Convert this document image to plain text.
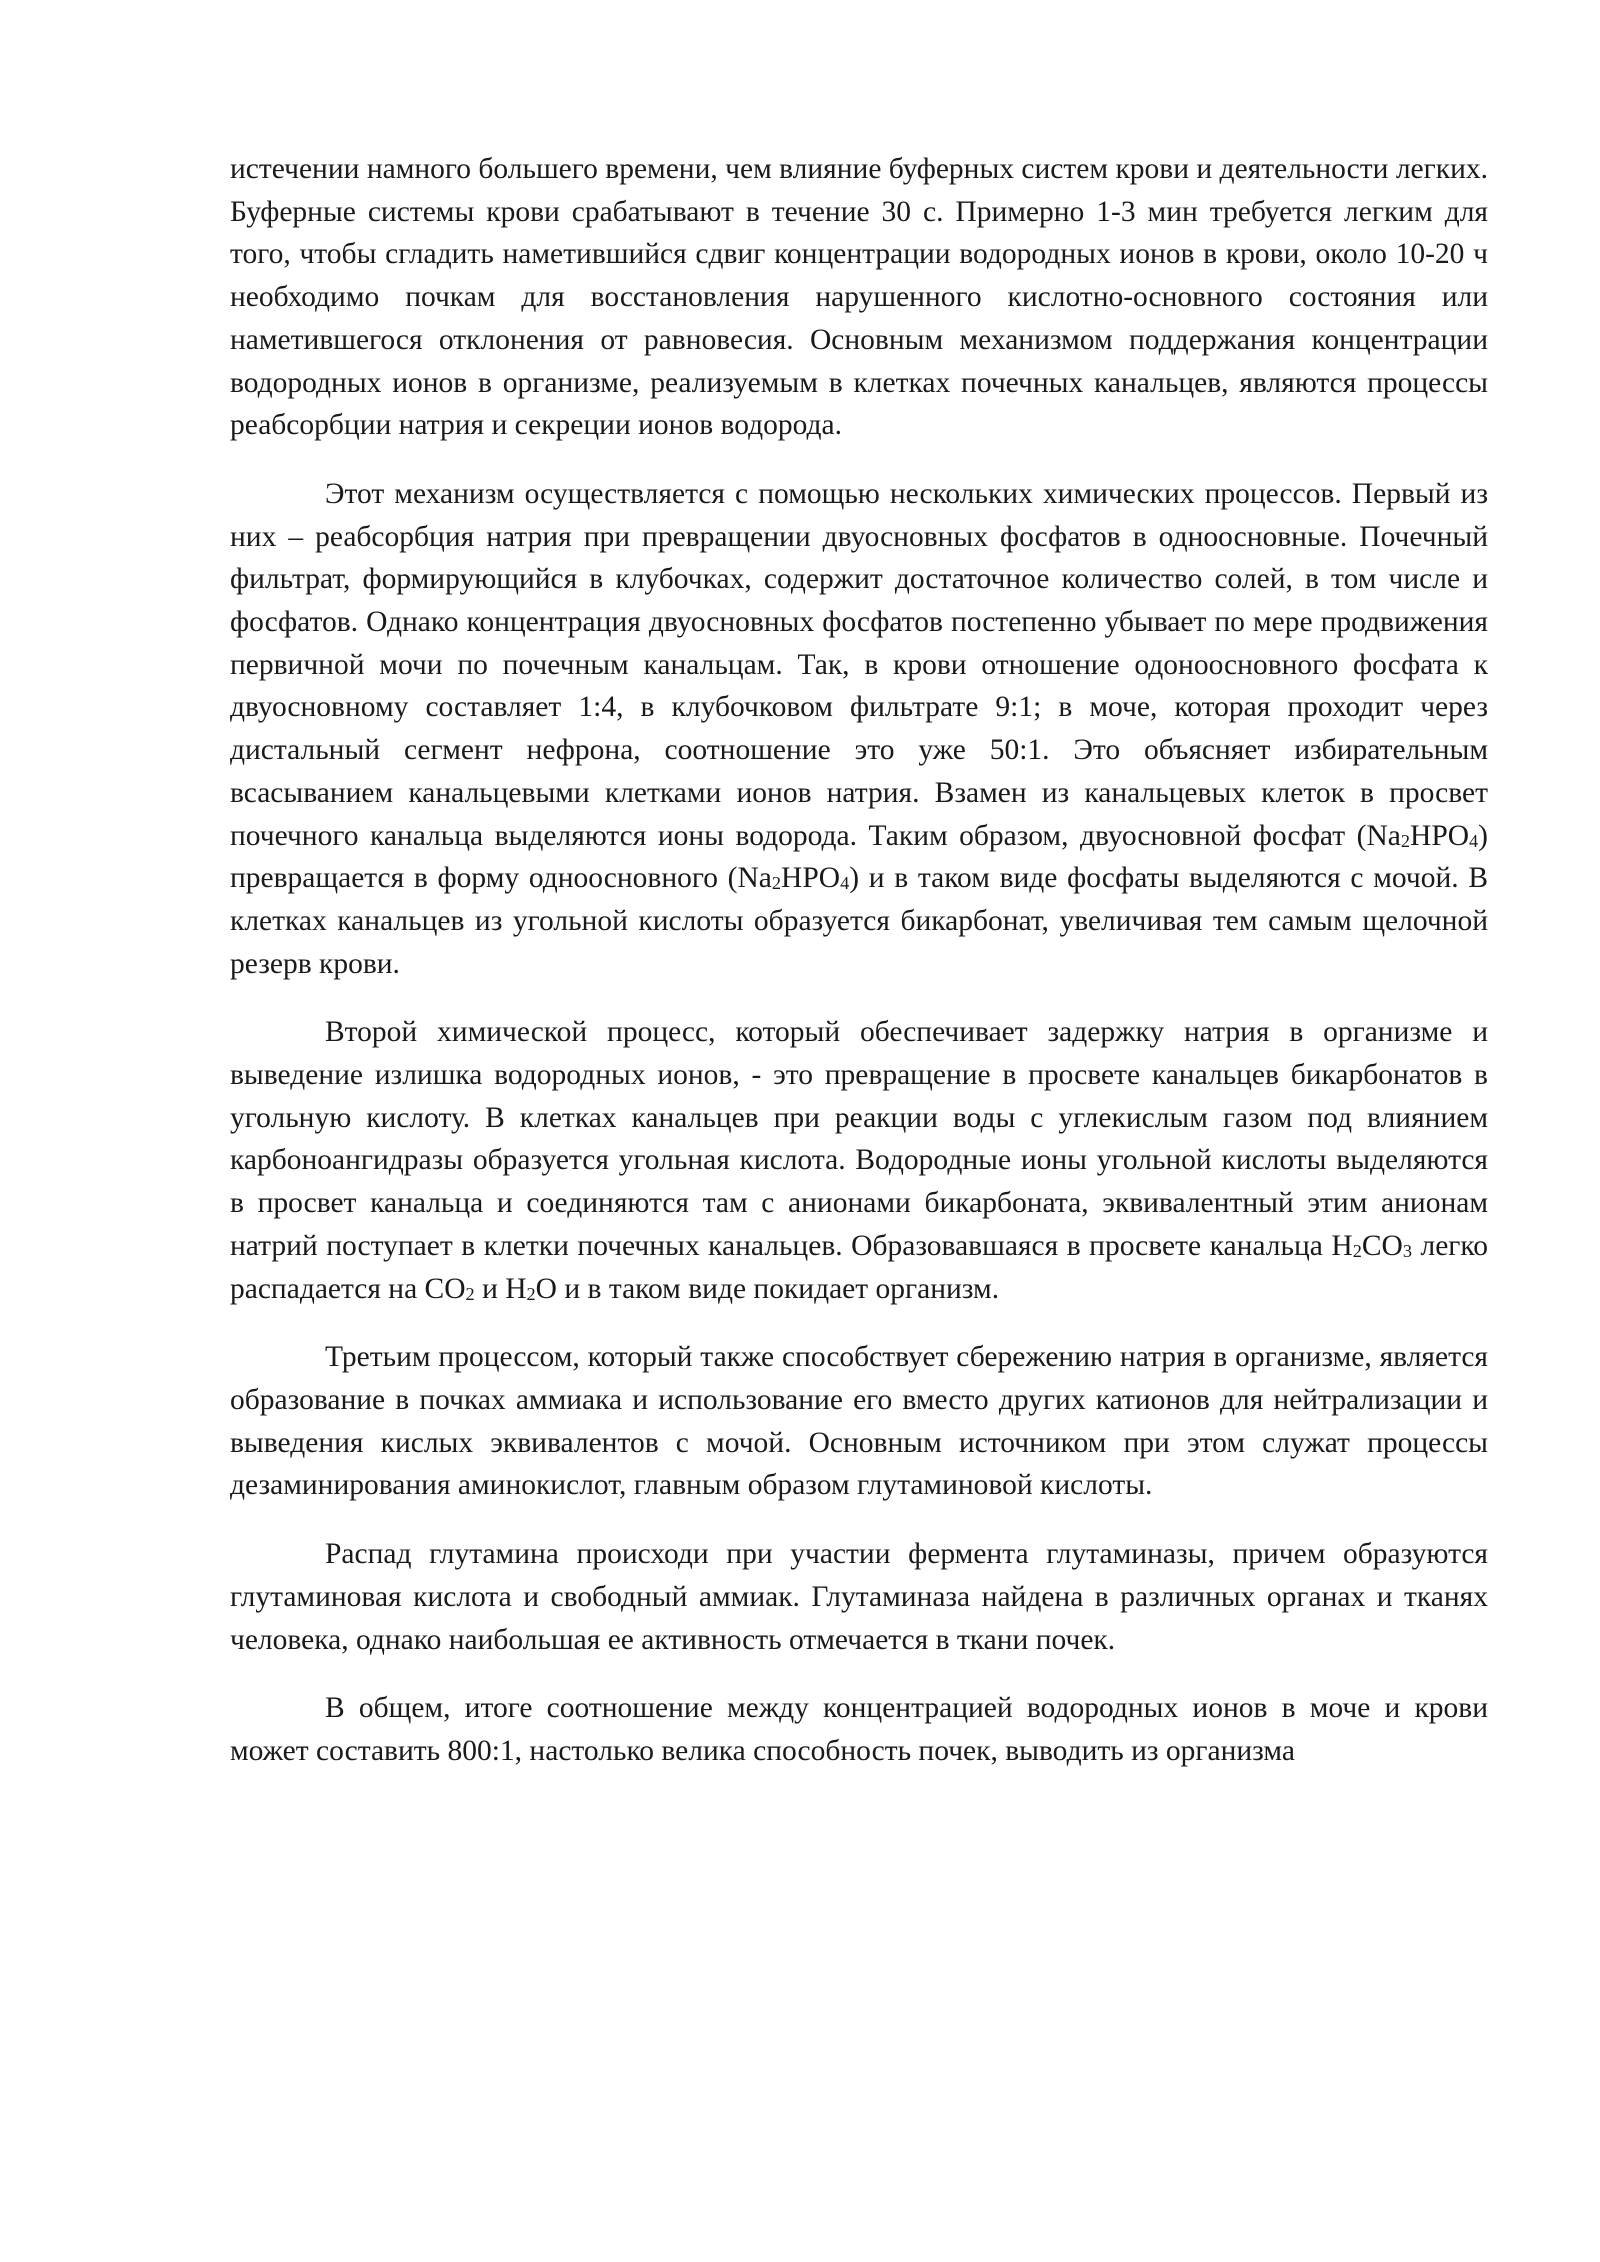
истечении намного большего времени, чем влияние буферных систем крови и деятельности легких. Буферные системы крови срабатывают в течение 30 с. Примерно 1-3 мин требуется легким для того, чтобы сгладить наметившийся сдвиг концентрации водородных ионов в крови, около 10-20 ч необходимо почкам для восстановления нарушенного кислотно-основного состояния или наметившегося отклонения от равновесия. Основным механизмом поддержания концентрации водородных ионов в организме, реализуемым в клетках почечных канальцев, являются процессы реабсорбции натрия и секреции ионов водорода.

Этот механизм осуществляется с помощью нескольких химических процессов. Первый из них – реабсорбция натрия при превращении двуосновных фосфатов в одноосновные. Почечный фильтрат, формирующийся в клубочках, содержит достаточное количество солей, в том числе и фосфатов. Однако концентрация двуосновных фосфатов постепенно убывает по мере продвижения первичной мочи по почечным канальцам. Так, в крови отношение одоноосновного фосфата к двуосновному составляет 1:4, в клубочковом фильтрате 9:1; в моче, которая проходит через дистальный сегмент нефрона, соотношение это уже 50:1. Это объясняет избирательным всасыванием канальцевыми клетками ионов натрия. Взамен из канальцевых клеток в просвет почечного канальца выделяются ионы водорода. Таким образом, двуосновной фосфат $(Na_2HPO_4)$ превращается в форму одноосновного $(Na_2HPO_4)$ и в таком виде фосфаты выделяются с мочой. В клетках канальцев из угольной кислоты образуется бикарбонат, увеличивая тем самым щелочной резерв крови.

Второй химической процесс, который обеспечивает задержку натрия в организме и выведение излишка водородных ионов, - это превращение в просвете канальцев бикарбонатов в угольную кислоту. В клетках канальцев при реакции воды с углекислым газом под влиянием карбоноангидразы образуется угольная кислота. Водородные ионы угольной кислоты выделяются в просвет канальца и соединяются там с анионами бикарбоната, эквивалентный этим анионам натрий поступает в клетки почечных канальцев. Образовавшаяся в просвете канальца $H_2CO_3$ легко распадается на $CO_2$ и $H_2O$ и в таком виде покидает организм.

Третьим процессом, который также способствует сбережению натрия в организме, является образование в почках аммиака и использование его вместо других катионов для нейтрализации и выведения кислых эквивалентов с мочой. Основным источником при этом служат процессы дезаминирования аминокислот, главным образом глутаминовой кислоты.

Распад глутамина происходи при участии фермента глутаминазы, причем образуются глутаминовая кислота и свободный аммиак. Глутаминаза найдена в различных органах и тканях человека, однако наибольшая ее активность отмечается в ткани почек.

В общем, итоге соотношение между концентрацией водородных ионов в моче и крови может составить 800:1, настолько велика способность почек, выводить из организма
